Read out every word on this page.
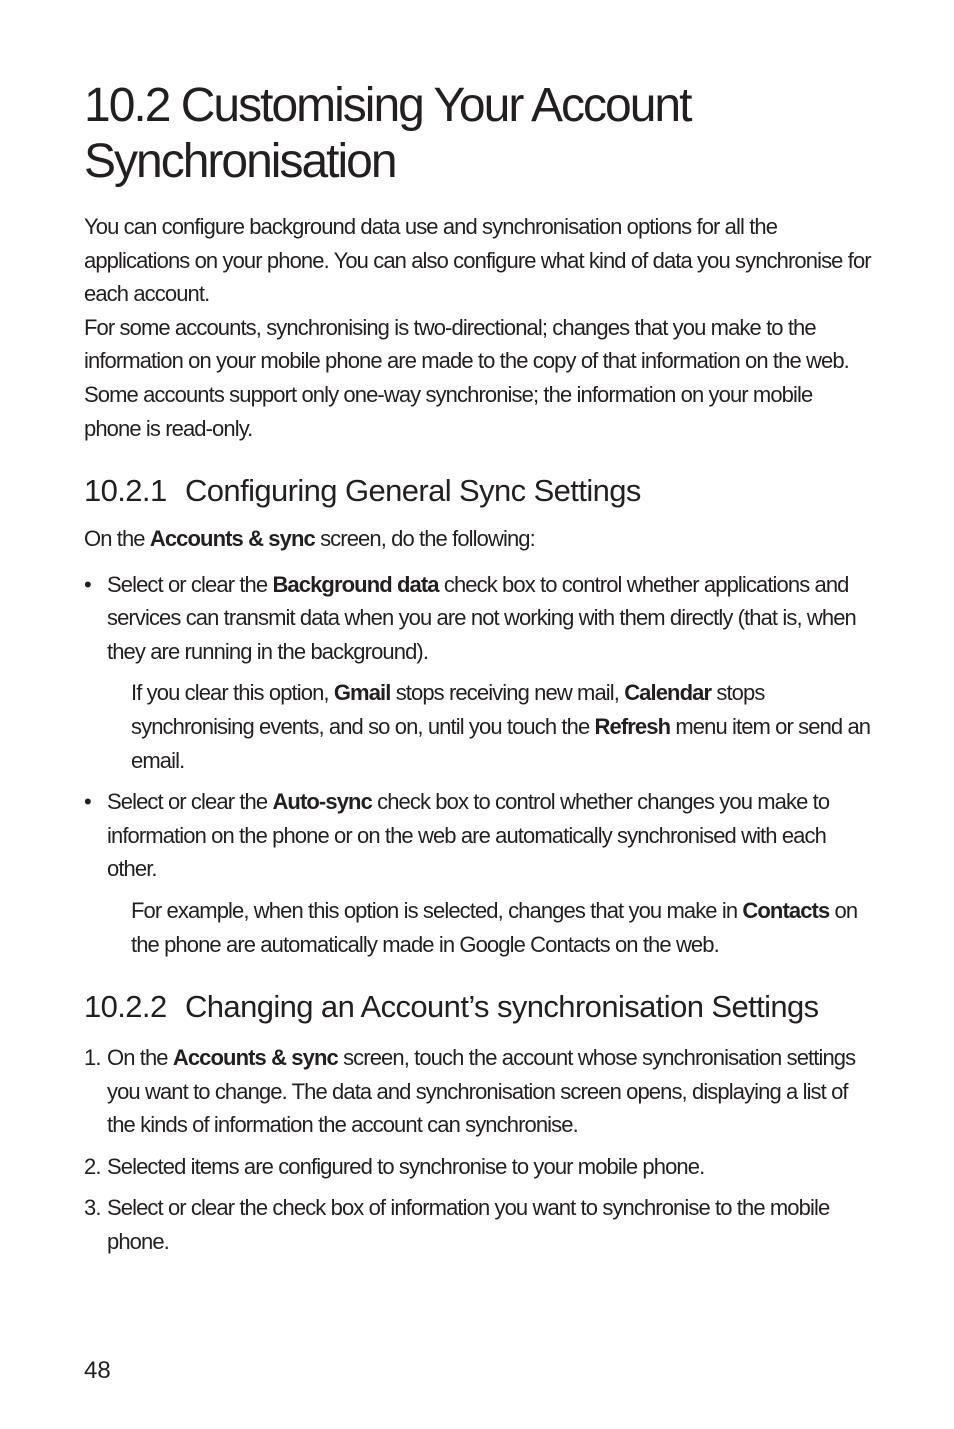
10.2 Customising Your Account Synchronisation

You can configure background data use and synchronisation options for all the applications on your phone. You can also configure what kind of data you synchronise for each account.

For some accounts, synchronising is two-directional; changes that you make to the information on your mobile phone are made to the copy of that information on the web. Some accounts support only one-way synchronise; the information on your mobile phone is read-only.

10.2.1 Configuring General Sync Settings

On the Accounts & sync screen, do the following:

• Select or clear the Background data check box to control whether applications and services can transmit data when you are not working with them directly (that is, when they are running in the background).

If you clear this option, Gmail stops receiving new mail, Calendar stops synchronising events, and so on, until you touch the Refresh menu item or send an email.

• Select or clear the Auto-sync check box to control whether changes you make to information on the phone or on the web are automatically synchronised with each other.

For example, when this option is selected, changes that you make in Contacts on the phone are automatically made in Google Contacts on the web.

10.2.2 Changing an Account’s synchronisation Settings
1. On the Accounts & sync screen, touch the account whose synchronisation settings you want to change. The data and synchronisation screen opens, displaying a list of the kinds of information the account can synchronise.
2. Selected items are configured to synchronise to your mobile phone.
3. Select or clear the check box of information you want to synchronise to the mobile phone.
48
